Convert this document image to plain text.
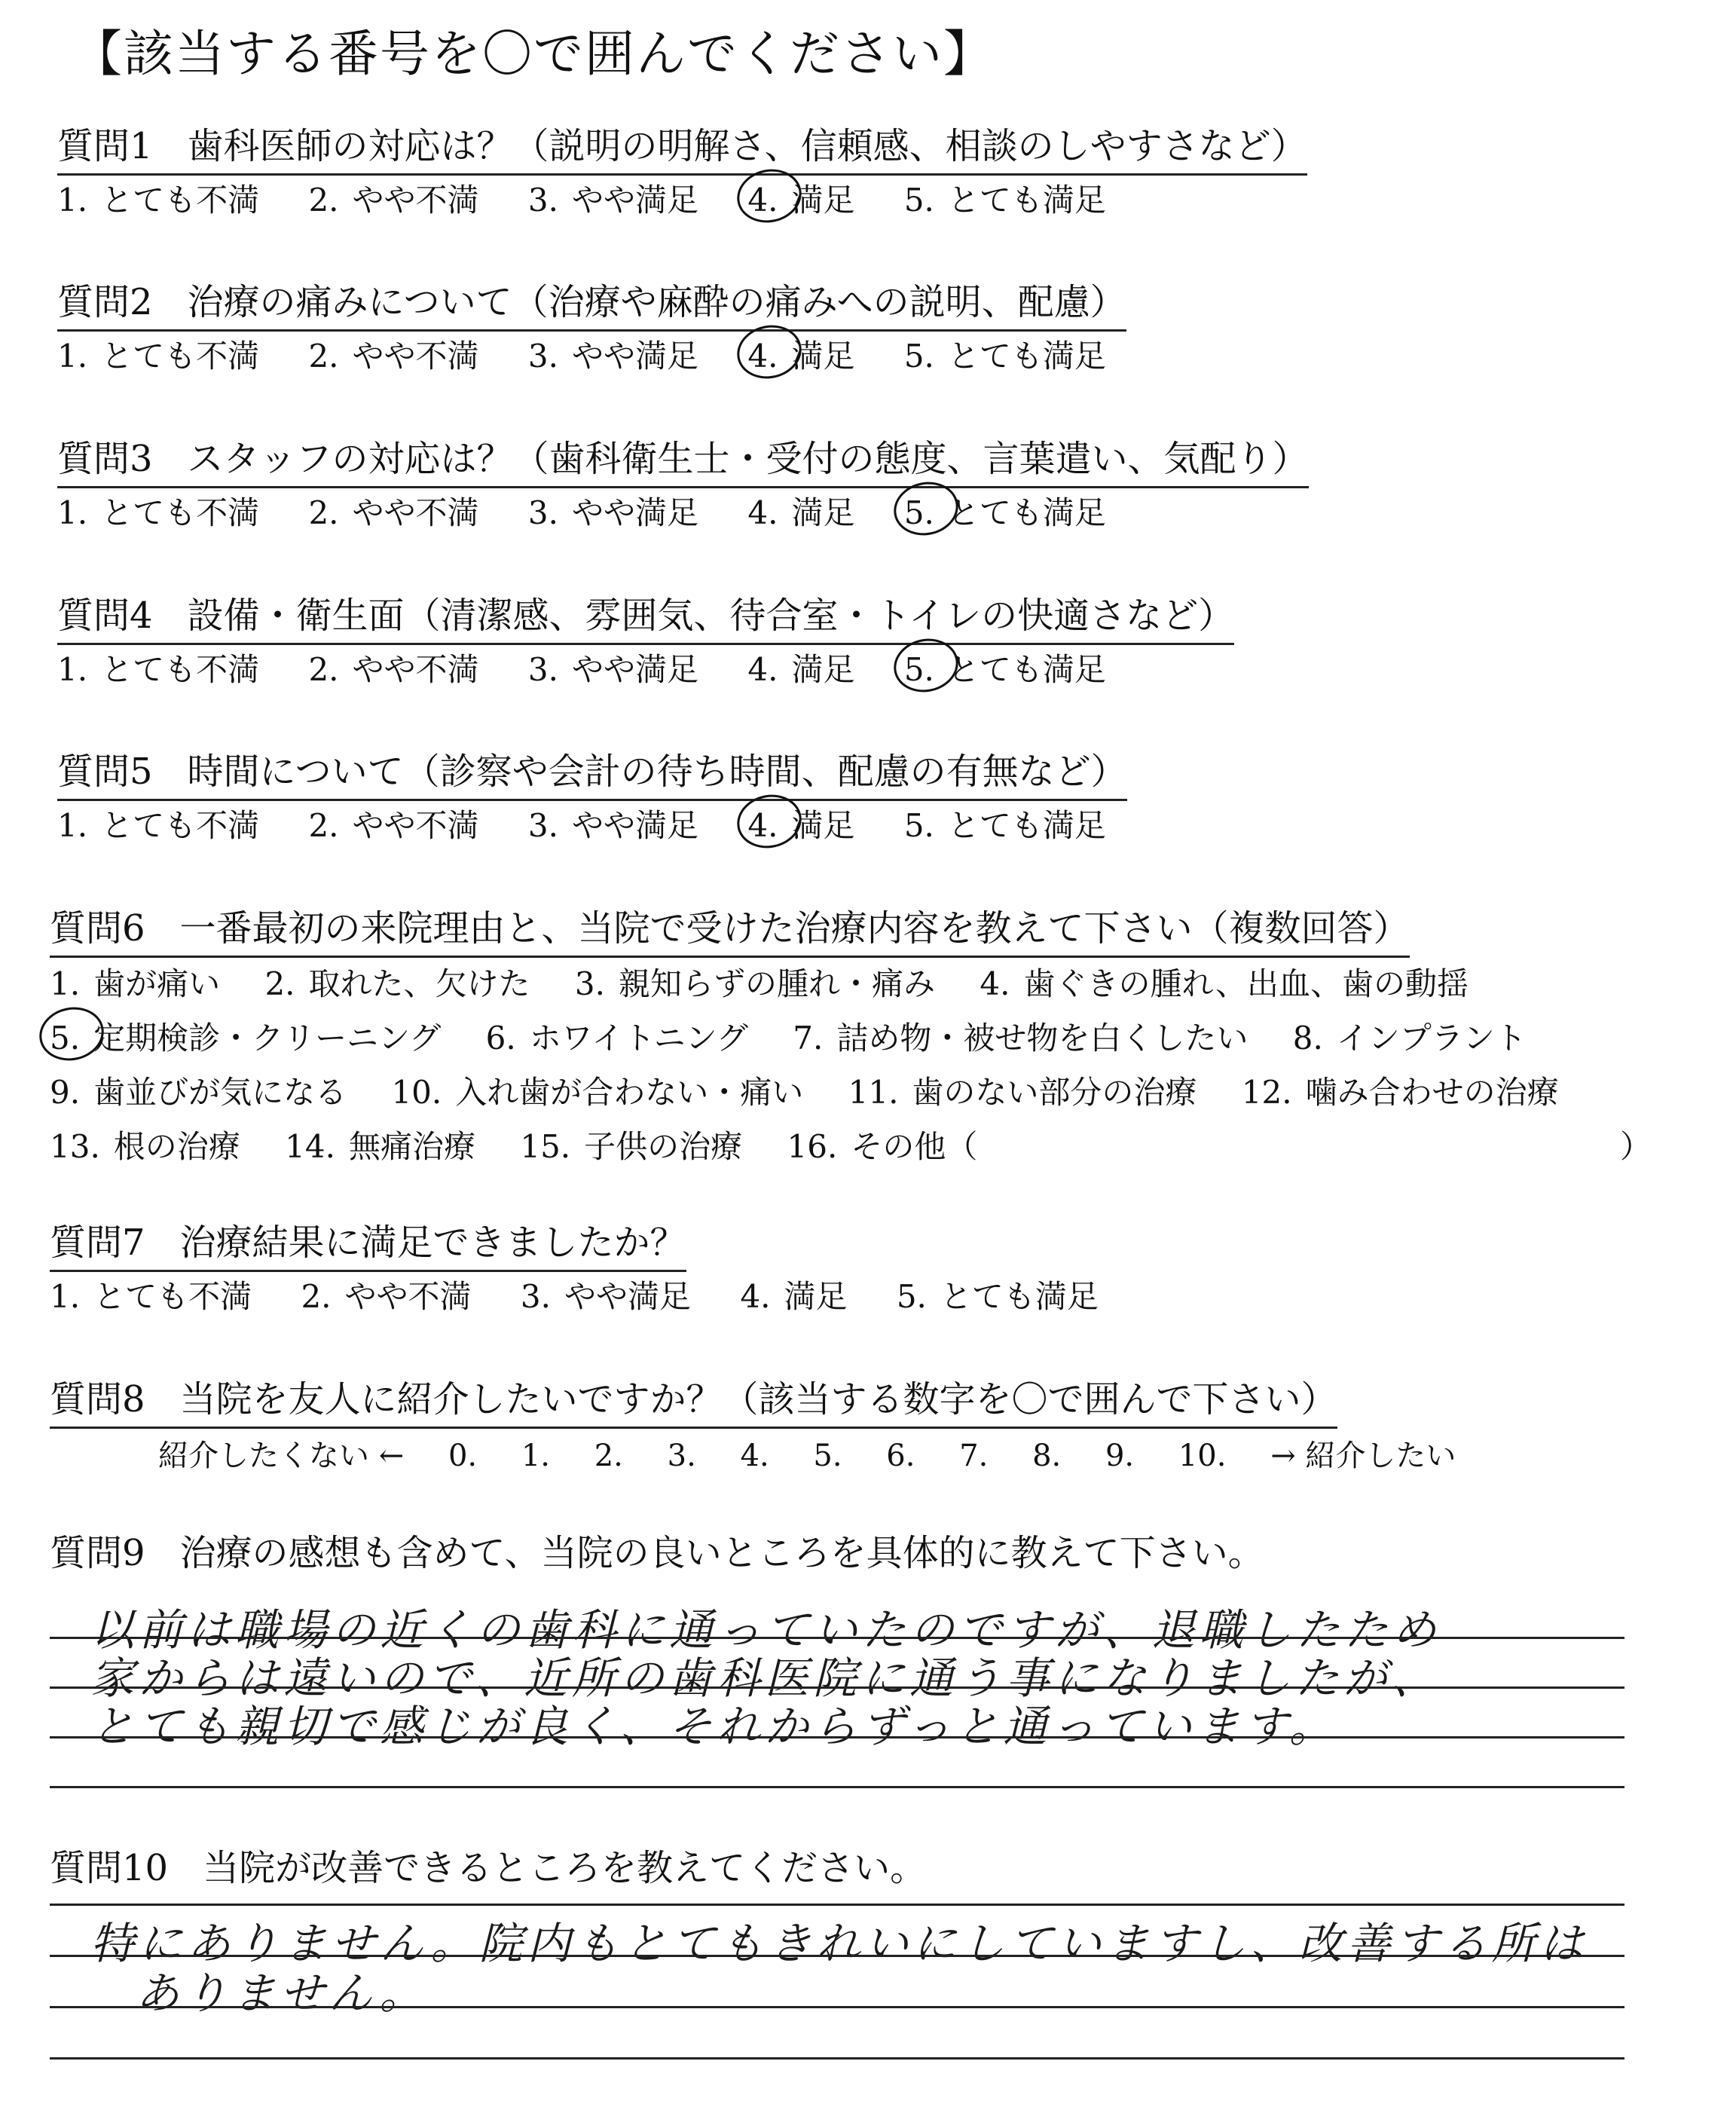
【該当する番号を〇で囲んでください】
質問1 歯科医師の対応は？（説明の明解さ、信頼感、相談のしやすさなど）
1. とても不満 2. やや不満 3. やや満足 4. 満足 5. とても満足
質問2 治療の痛みについて（治療や麻酔の痛みへの説明、配慮）
1. とても不満 2. やや不満 3. やや満足 4. 満足 5. とても満足
質問3 スタッフの対応は？（歯科衛生士・受付の態度、言葉遣い、気配り）
1. とても不満 2. やや不満 3. やや満足 4. 満足 5. とても満足
質問4 設備・衛生面（清潔感、雰囲気、待合室・トイレの快適さなど）
1. とても不満 2. やや不満 3. やや満足 4. 満足 5. とても満足
質問5 時間について（診察や会計の待ち時間、配慮の有無など）
1. とても不満 2. やや不満 3. やや満足 4. 満足 5. とても満足
質問6 一番最初の来院理由と、当院で受けた治療内容を教えて下さい（複数回答）
1. 歯が痛い 2. 取れた、欠けた 3. 親知らずの腫れ・痛み 4. 歯ぐきの腫れ、出血、歯の動揺
5. 定期検診・クリーニング 6. ホワイトニング 7. 詰め物・被せ物を白くしたい 8. インプラント
9. 歯並びが気になる 10. 入れ歯が合わない・痛い 11. 歯のない部分の治療 12. 噛み合わせの治療
13. 根の治療 14. 無痛治療 15. 子供の治療 16. その他（	）
質問7 治療結果に満足できましたか？
1. とても不満 2. やや不満 3. やや満足 4. 満足 5. とても満足
質問8 当院を友人に紹介したいですか？（該当する数字を〇で囲んで下さい）
紹介したくない ← 0. 1. 2. 3. 4. 5. 6. 7. 8. 9. 10. → 紹介したい
質問9 治療の感想も含めて、当院の良いところを具体的に教えて下さい。
以前は職場の近くの歯科に通っていたのですが、退職したため
家からは遠いので、近所の歯科医院に通う事になりましたが、
とても親切で感じが良く、それからずっと通っています。
質問10 当院が改善できるところを教えてください。
特にありません。院内もとてもきれいにしていますし、改善する所は
ありません。
